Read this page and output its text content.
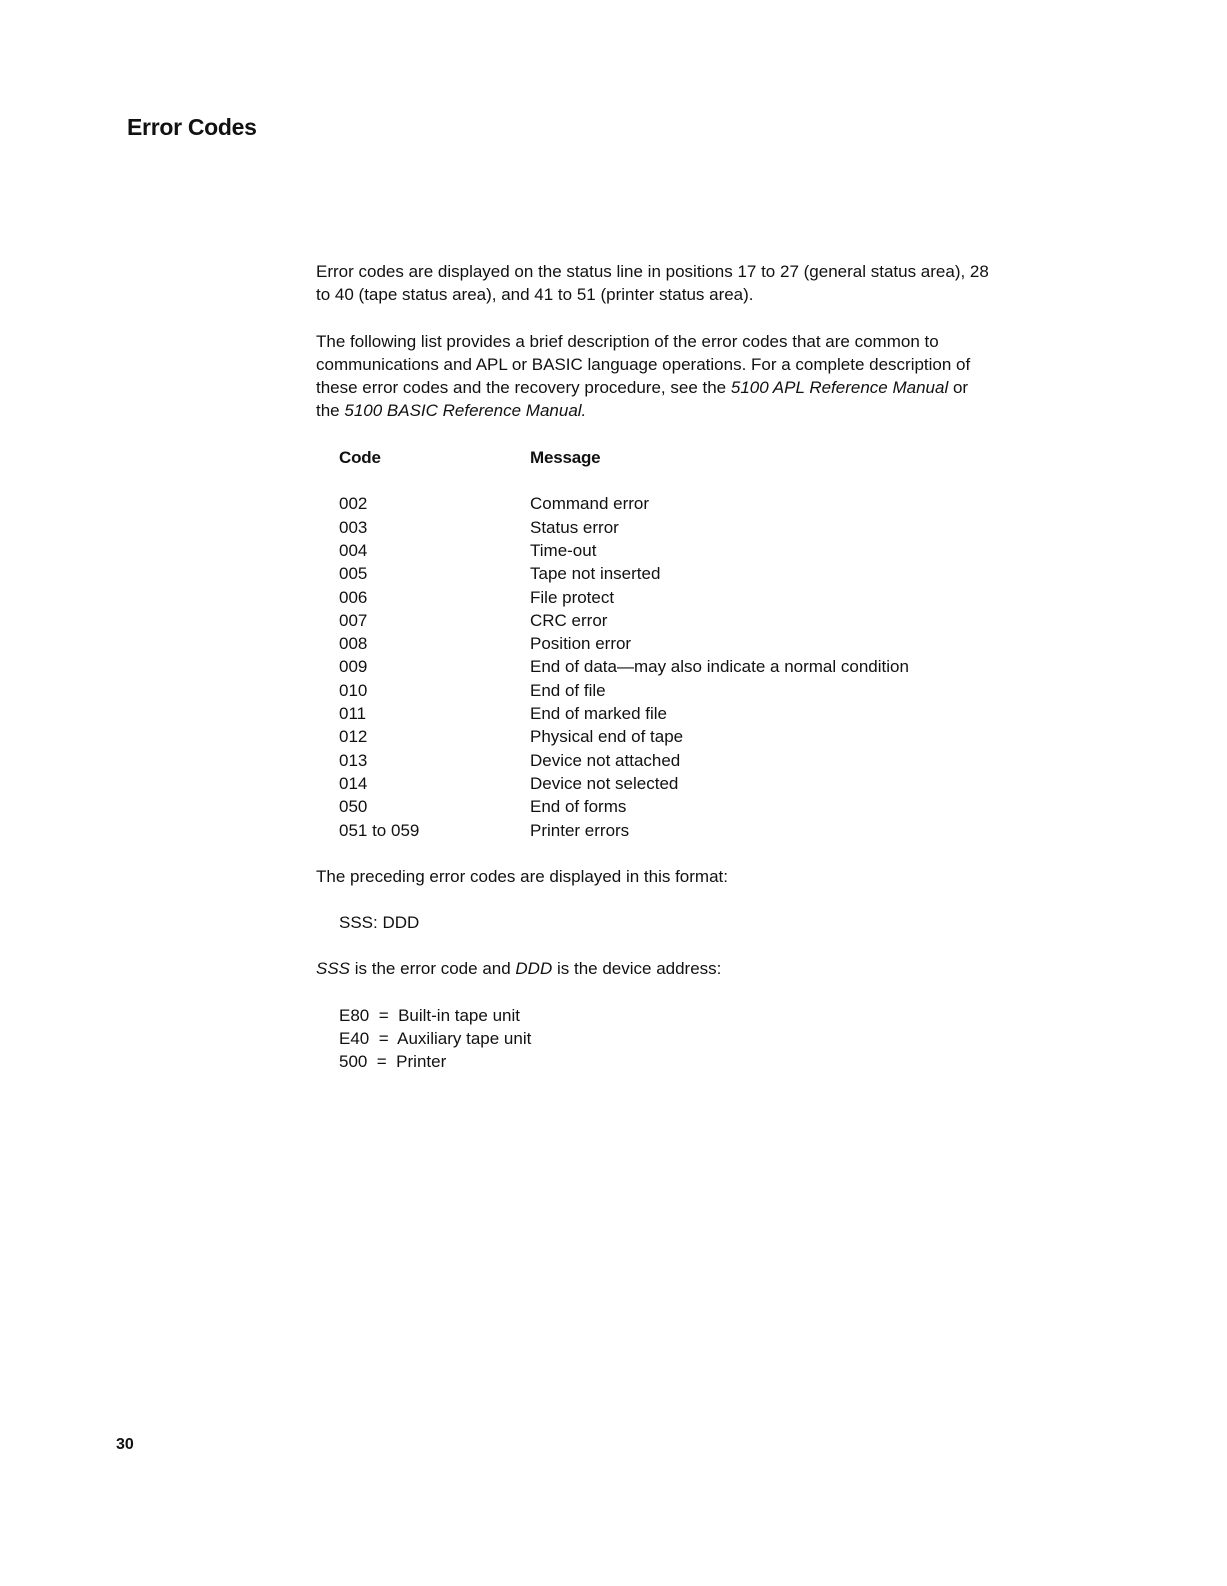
Error Codes

Error codes are displayed on the status line in positions 17 to 27 (general status area), 28 to 40 (tape status area), and 41 to 51 (printer status area).

The following list provides a brief description of the error codes that are common to communications and APL or BASIC language operations. For a complete description of these error codes and the recovery procedure, see the 5100 APL Reference Manual or the 5100 BASIC Reference Manual.

Code	Message
002	Command error
003	Status error
004	Time-out
005	Tape not inserted
006	File protect
007	CRC error
008	Position error
009	End of data—may also indicate a normal condition
010	End of file
011	End of marked file
012	Physical end of tape
013	Device not attached
014	Device not selected
050	End of forms
051 to 059	Printer errors

The preceding error codes are displayed in this format:

SSS: DDD

SSS is the error code and DDD is the device address:

E80  =  Built-in tape unit
E40  =  Auxiliary tape unit
500  =  Printer
30
